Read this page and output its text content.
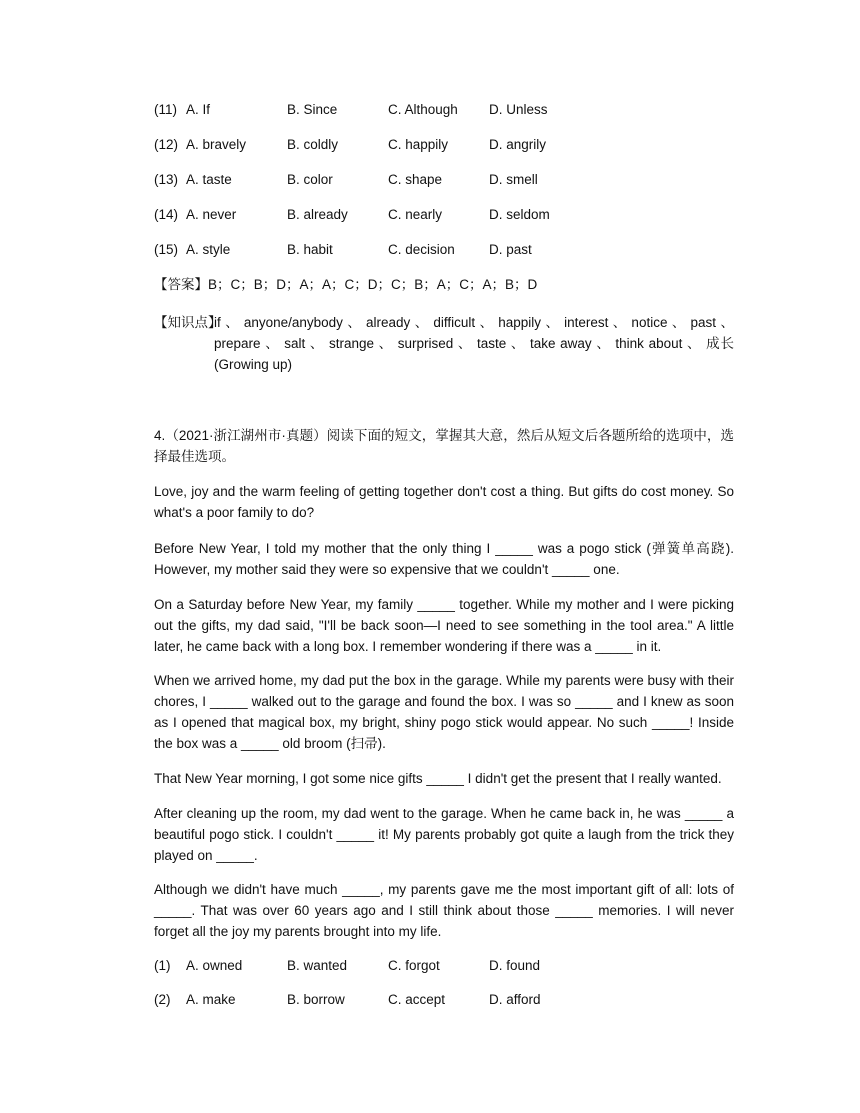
(11) A. If	B. Since	C. Although D. Unless
(12) A. bravely	B. coldly	C. happily	D. angrily
(13) A. taste	B. color	C. shape	D. smell
(14) A. never	B. already	C. nearly	D. seldom
(15) A. style	B. habit	C. decision	D. past
【答案】B；C；B；D；A；A；C；D；C；B；A；C；A；B；D
【知识点】
if 、 anyone/anybody 、 already 、 difficult 、 happily 、 interest 、 notice 、 past 、 prepare 、 salt 、 strange 、 surprised 、 taste 、 take away 、 think about 、 成长 (Growing up)
4.（2021·浙江湖州市·真题）阅读下面的短文，掌握其大意，然后从短文后各题所给的选项中，选择最佳选项。
Love, joy and the warm feeling of getting together don't cost a thing. But gifts do cost money. So what's a poor family to do?
Before New Year, I told my mother that the only thing I _____ was a pogo stick (弹簧单高跷). However, my mother said they were so expensive that we couldn't _____ one.
On a Saturday before New Year, my family _____ together. While my mother and I were picking out the gifts, my dad said, "I'll be back soon—I need to see something in the tool area." A little later, he came back with a long box. I remember wondering if there was a _____ in it.
When we arrived home, my dad put the box in the garage. While my parents were busy with their chores, I _____ walked out to the garage and found the box. I was so _____ and I knew as soon as I opened that magical box, my bright, shiny pogo stick would appear. No such _____! Inside the box was a _____ old broom (扫帚).
That New Year morning, I got some nice gifts _____ I didn't get the present that I really wanted.
After cleaning up the room, my dad went to the garage. When he came back in, he was _____ a beautiful pogo stick. I couldn't _____ it! My parents probably got quite a laugh from the trick they played on _____.
Although we didn't have much _____, my parents gave me the most important gift of all: lots of _____. That was over 60 years ago and I still think about those _____ memories. I will never forget all the joy my parents brought into my life.
(1) A. owned	B. wanted	C. forgot	D. found
(2) A. make	B. borrow	C. accept	D. afford
